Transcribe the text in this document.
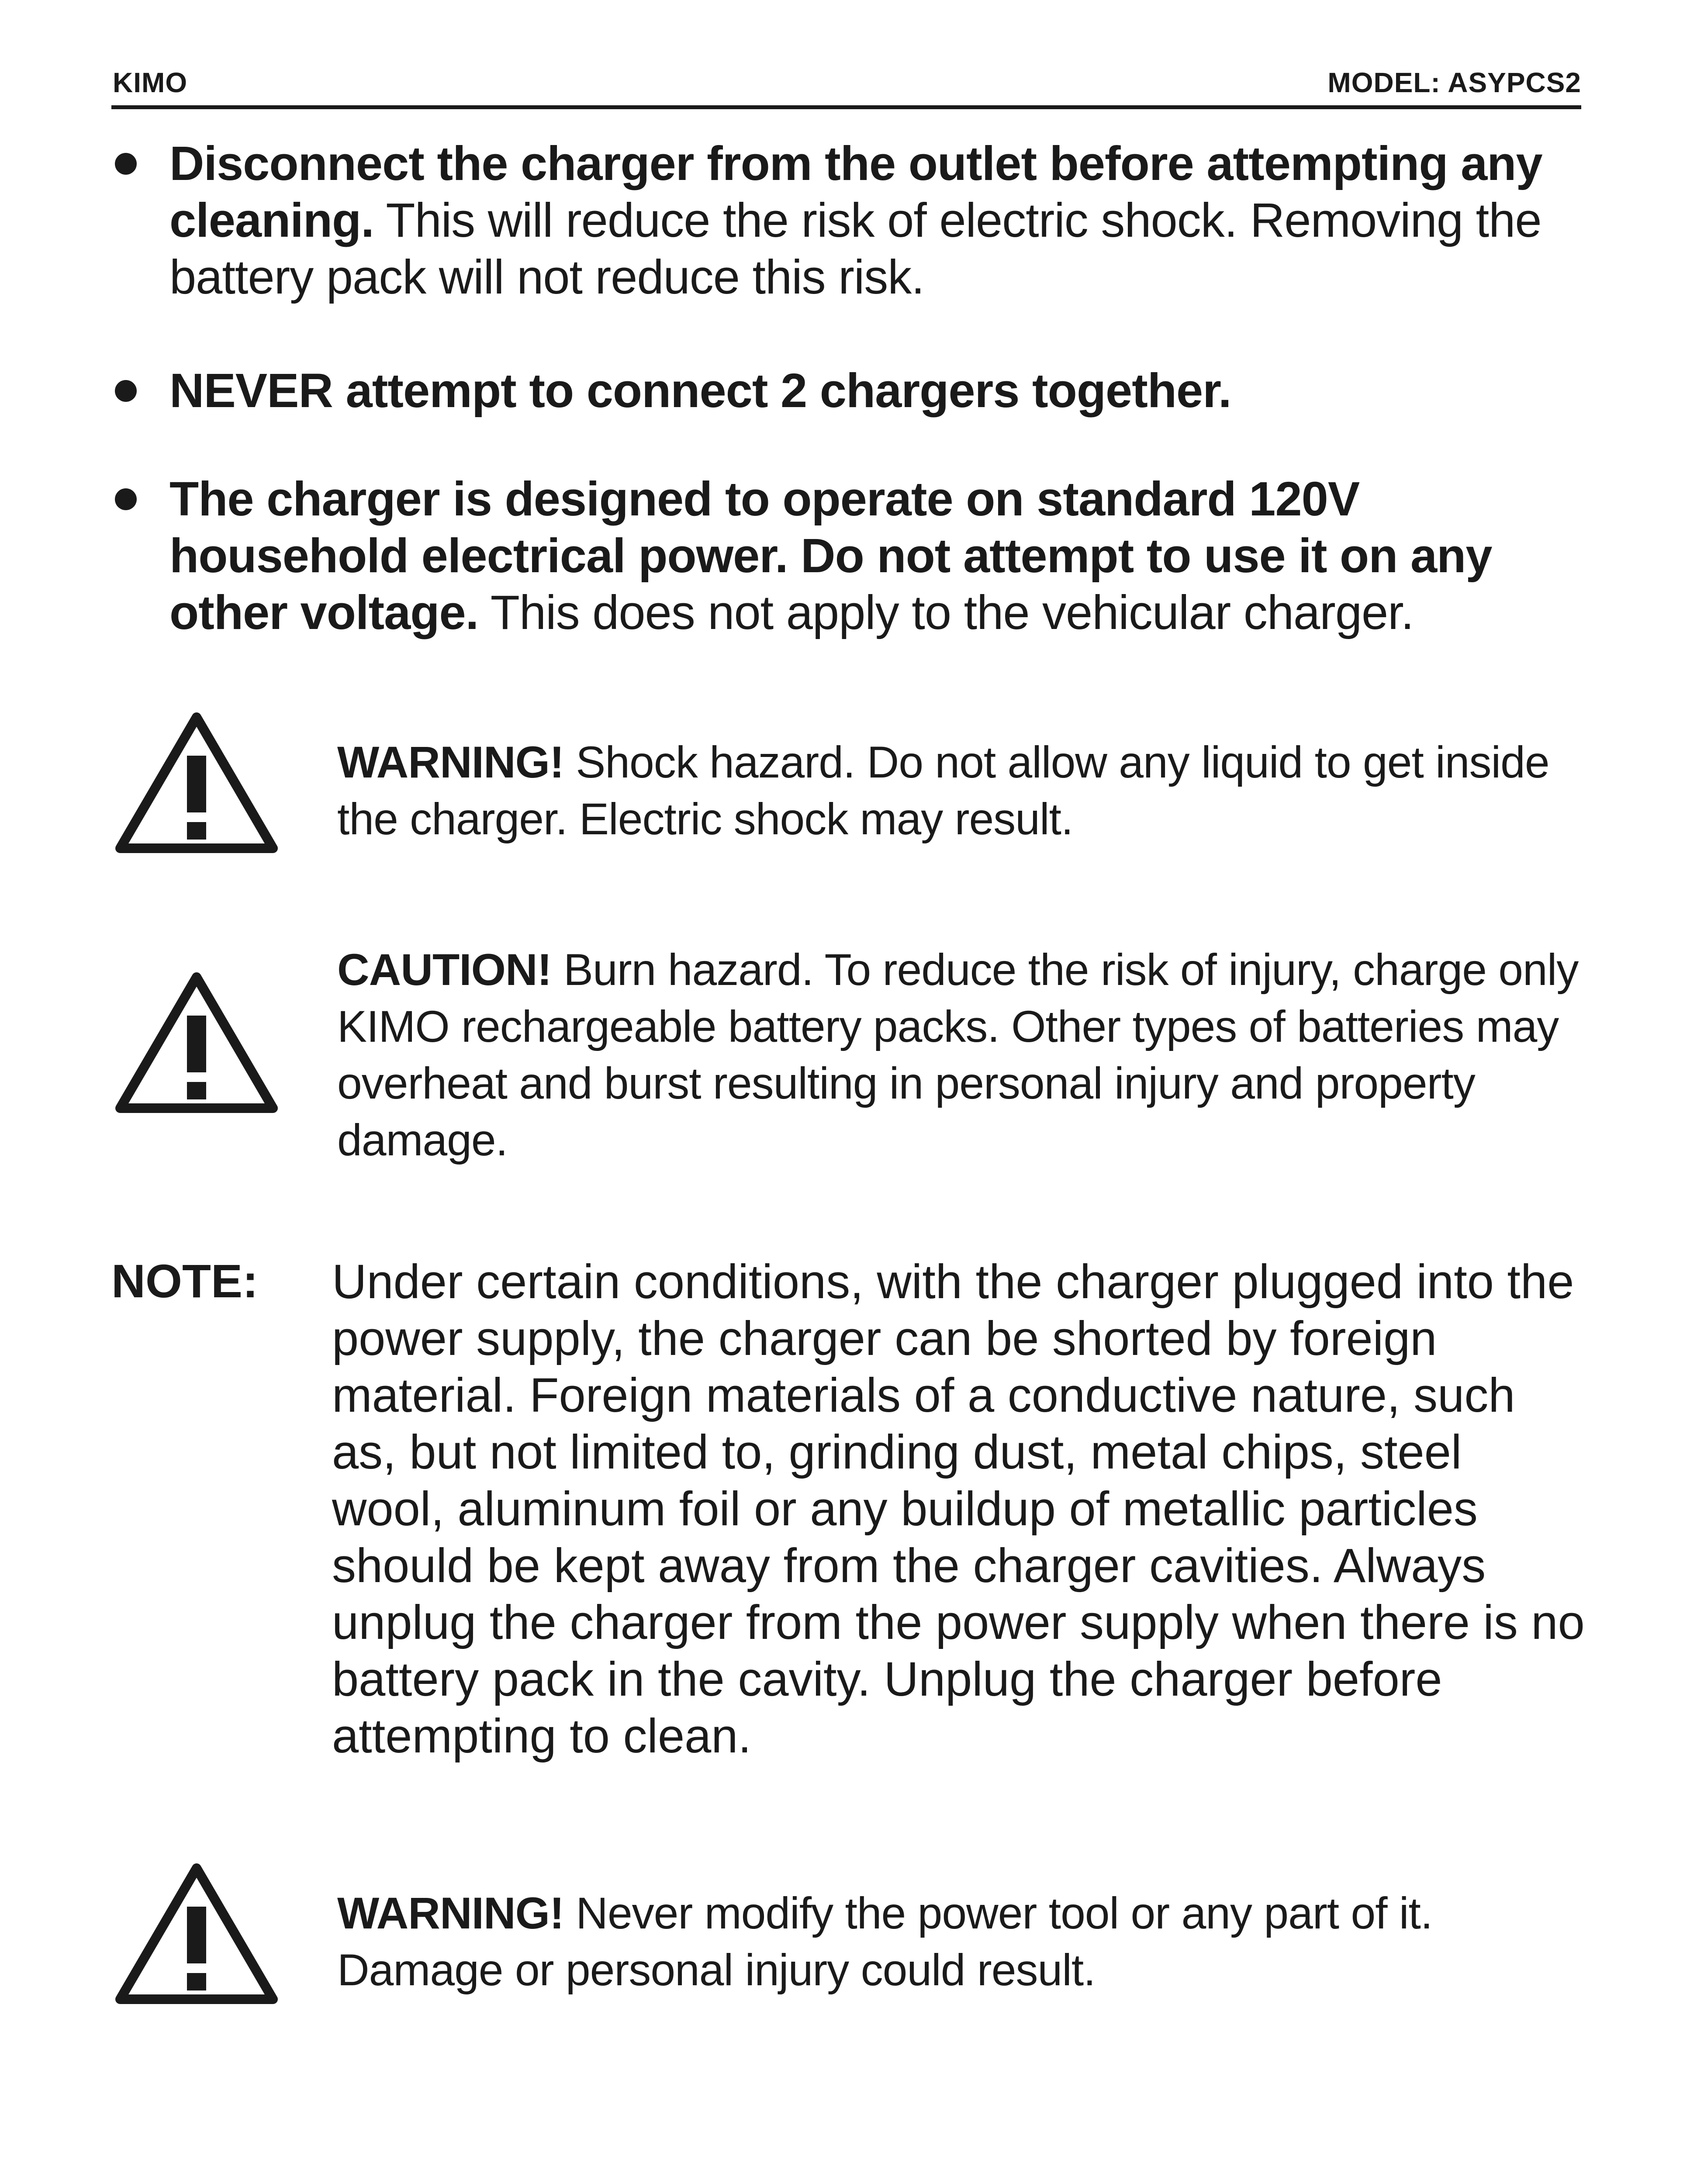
KIMO	MODEL: ASYPCS2
Disconnect the charger from the outlet before attempting any cleaning. This will reduce the risk of electric shock. Removing the battery pack will not reduce this risk.
NEVER attempt to connect 2 chargers together.
The charger is designed to operate on standard 120V household electrical power. Do not attempt to use it on any other voltage. This does not apply to the vehicular charger.
WARNING! Shock hazard. Do not allow any liquid to get inside the charger. Electric shock may result.
CAUTION! Burn hazard. To reduce the risk of injury, charge only KIMO rechargeable battery packs. Other types of batteries may overheat and burst resulting in personal injury and property damage.
NOTE: Under certain conditions, with the charger plugged into the power supply, the charger can be shorted by foreign material. Foreign materials of a conductive nature, such as, but not limited to, grinding dust, metal chips, steel wool, aluminum foil or any buildup of metallic particles should be kept away from the charger cavities. Always unplug the charger from the power supply when there is no battery pack in the cavity. Unplug the charger before attempting to clean.
WARNING! Never modify the power tool or any part of it. Damage or personal injury could result.
